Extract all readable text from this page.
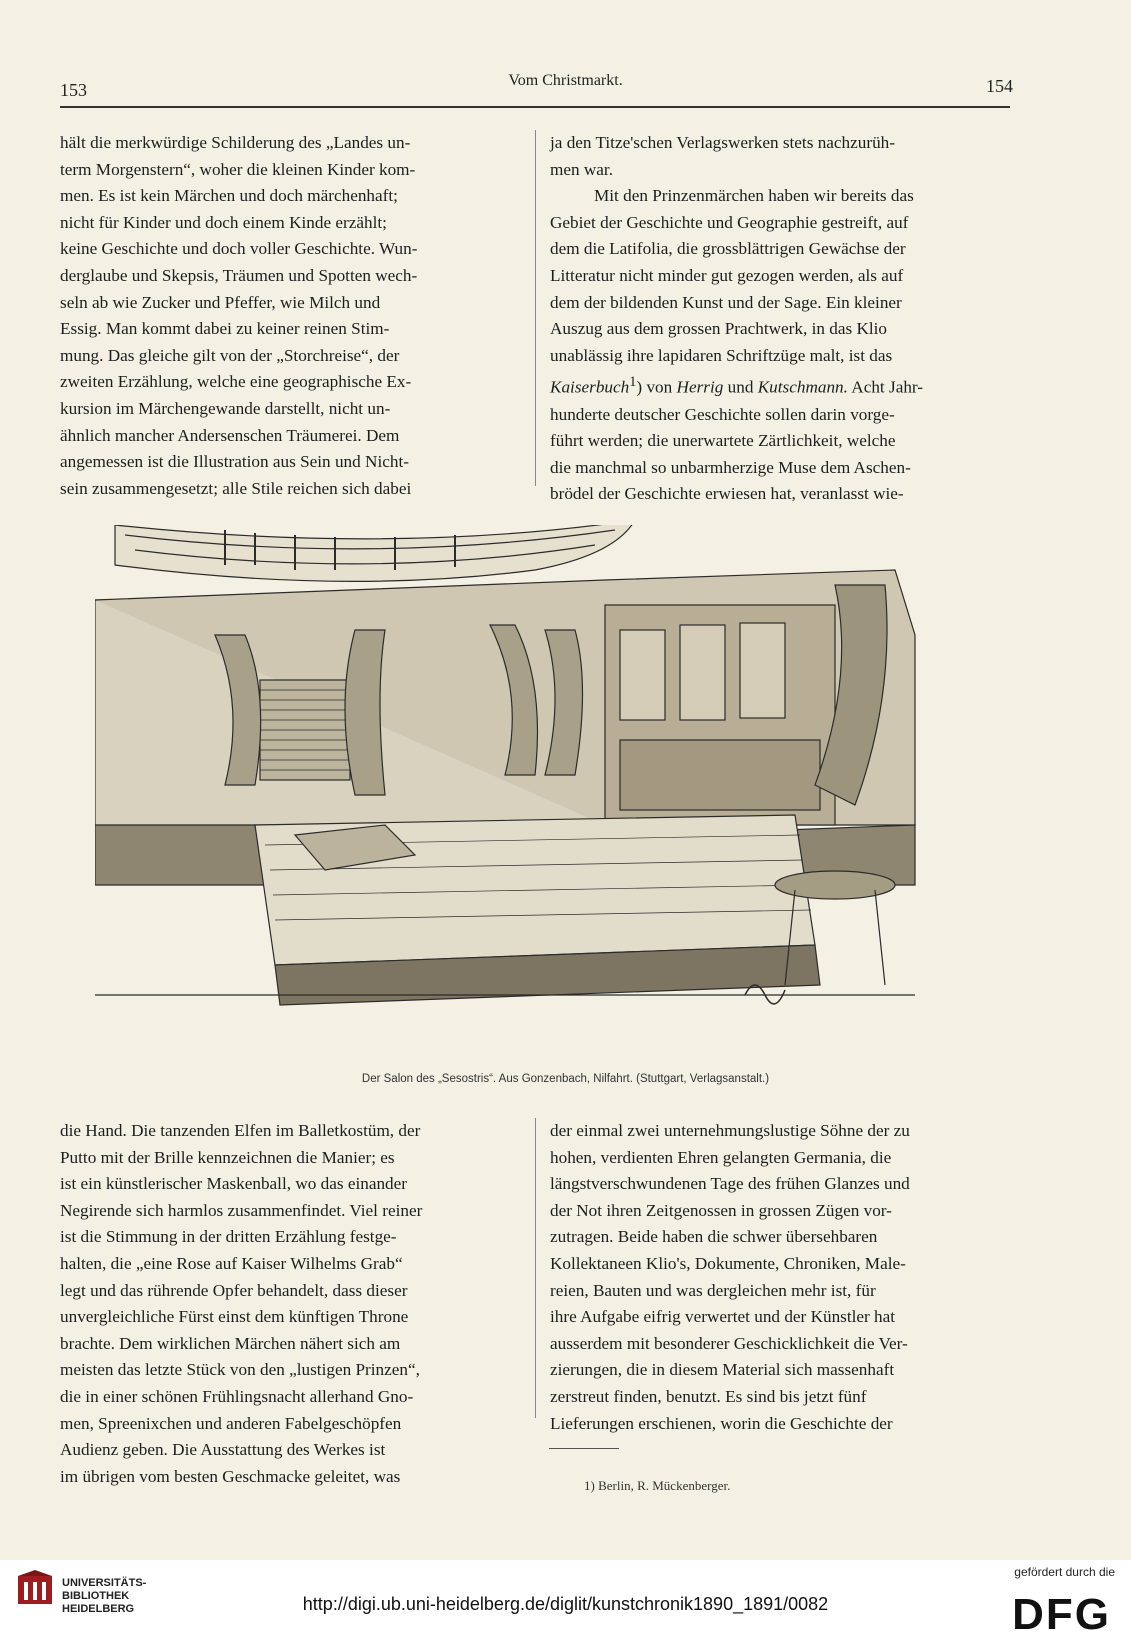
153	Vom Christmarkt.	154

hält die merkwürdige Schilderung des „Landes un-
term Morgenstern“, woher die kleinen Kinder kom-
men. Es ist kein Märchen und doch märchenhaft;
nicht für Kinder und doch einem Kinde erzählt;
keine Geschichte und doch voller Geschichte. Wun-
derglaube und Skepsis, Träumen und Spotten wech-
seln ab wie Zucker und Pfeffer, wie Milch und
Essig. Man kommt dabei zu keiner reinen Stim-
mung. Das gleiche gilt von der „Storchreise“, der
zweiten Erzählung, welche eine geographische Ex-
kursion im Märchengewande darstellt, nicht un-
ähnlich mancher Andersenschen Träumerei. Dem
angemessen ist die Illustration aus Sein und Nicht-
sein zusammengesetzt; alle Stile reichen sich dabei

ja den Titze'schen Verlagswerken stets nachzurüh-
men war.

Mit den Prinzenmärchen haben wir bereits das
Gebiet der Geschichte und Geographie gestreift, auf
dem die Latifolia, die grossblättrigen Gewächse der
Litteratur nicht minder gut gezogen werden, als auf
dem der bildenden Kunst und der Sage. Ein kleiner
Auszug aus dem grossen Prachtwerk, in das Klio
unablässig ihre lapidaren Schriftzüge malt, ist das
Kaiserbuch$^1$) von Herrig und Kutschmann. Acht Jahr-
hunderte deutscher Geschichte sollen darin vorge-
führt werden; die unerwartete Zärtlichkeit, welche
die manchmal so unbarmherzige Muse dem Aschen-
brödel der Geschichte erwiesen hat, veranlasst wie-

Der Salon des „Sesostris“. Aus Gonzenbach, Nilfahrt. (Stuttgart, Verlagsanstalt.)

die Hand. Die tanzenden Elfen im Balletkostüm, der
Putto mit der Brille kennzeichnen die Manier; es
ist ein künstlerischer Maskenball, wo das einander
Negirende sich harmlos zusammenfindet. Viel reiner
ist die Stimmung in der dritten Erzählung festge-
halten, die „eine Rose auf Kaiser Wilhelms Grab“
legt und das rührende Opfer behandelt, dass dieser
unvergleichliche Fürst einst dem künftigen Throne
brachte. Dem wirklichen Märchen nähert sich am
meisten das letzte Stück von den „lustigen Prinzen“,
die in einer schönen Frühlingsnacht allerhand Gno-
men, Spreenixchen und anderen Fabelgeschöpfen
Audienz geben. Die Ausstattung des Werkes ist
im übrigen vom besten Geschmacke geleitet, was

der einmal zwei unternehmungslustige Söhne der zu
hohen, verdienten Ehren gelangten Germania, die
längstverschwundenen Tage des frühen Glanzes und
der Not ihren Zeitgenossen in grossen Zügen vor-
zutragen. Beide haben die schwer übersehbaren
Kollektaneen Klio's, Dokumente, Chroniken, Male-
reien, Bauten und was dergleichen mehr ist, für
ihre Aufgabe eifrig verwertet und der Künstler hat
ausserdem mit besonderer Geschicklichkeit die Ver-
zierungen, die in diesem Material sich massenhaft
zerstreut finden, benutzt. Es sind bis jetzt fünf
Lieferungen erschienen, worin die Geschichte der

1) Berlin, R. Mückenberger.
UNIVERSITÄTS-
BIBLIOTHEK
HEIDELBERG	http://digi.ub.uni-heidelberg.de/diglit/kunstchronik1890_1891/0082
gefördert durch die
DFG
